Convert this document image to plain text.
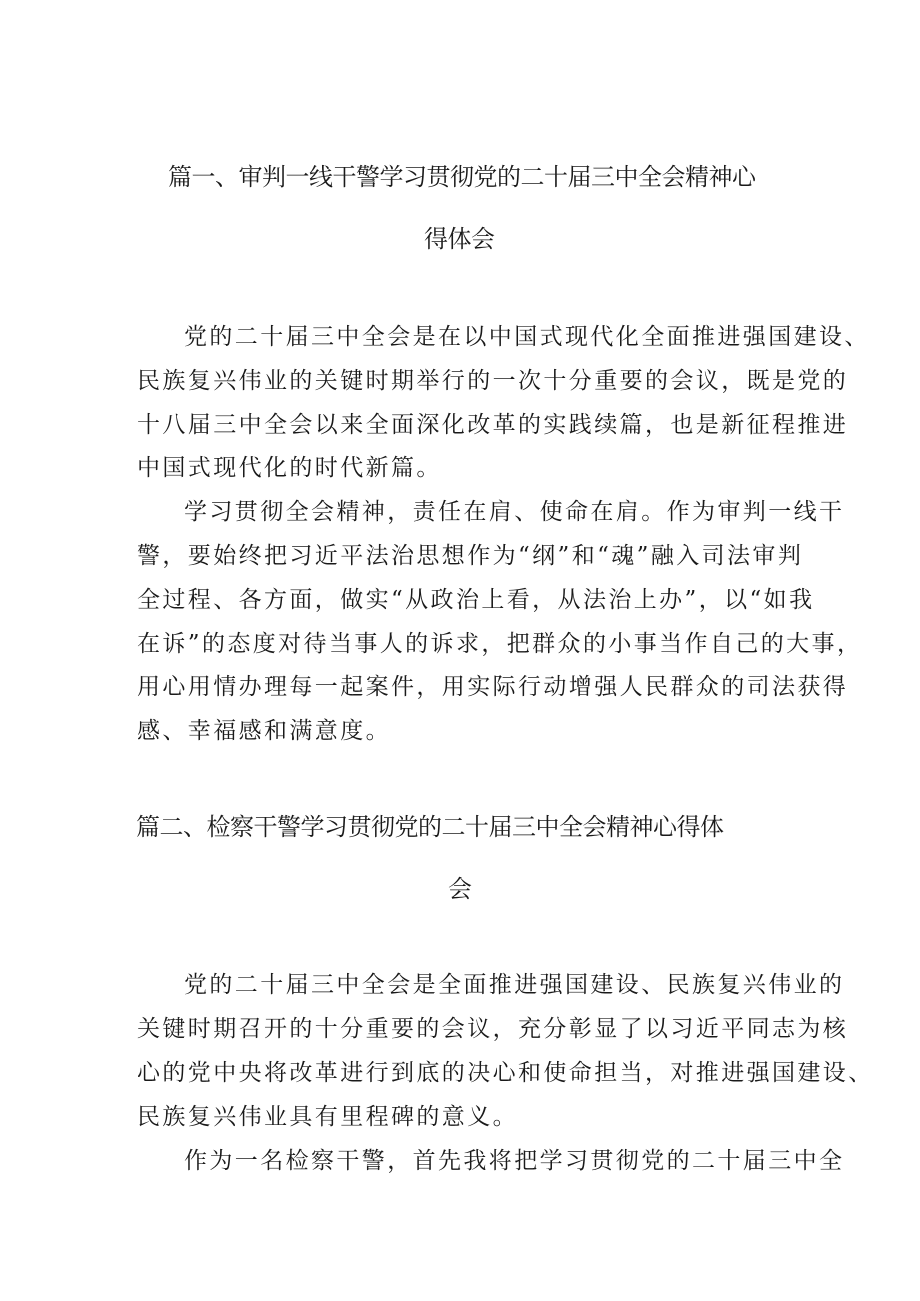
篇一、审判一线干警学习贯彻党的二十届三中全会精神心
得体会
党的二十届三中全会是在以中国式现代化全面推进强国建设、
民族复兴伟业的关键时期举行的一次十分重要的会议，既是党的
十八届三中全会以来全面深化改革的实践续篇，也是新征程推进
中国式现代化的时代新篇。
学习贯彻全会精神，责任在肩、使命在肩。作为审判一线干
警，要始终把习近平法治思想作为“纲”和“魂”融入司法审判
全过程、各方面，做实“从政治上看，从法治上办”，以“如我
在诉”的态度对待当事人的诉求，把群众的小事当作自己的大事，
用心用情办理每一起案件，用实际行动增强人民群众的司法获得
感、幸福感和满意度。
篇二、检察干警学习贯彻党的二十届三中全会精神心得体
会
党的二十届三中全会是全面推进强国建设、民族复兴伟业的
关键时期召开的十分重要的会议，充分彰显了以习近平同志为核
心的党中央将改革进行到底的决心和使命担当，对推进强国建设、
民族复兴伟业具有里程碑的意义。
作为一名检察干警，首先我将把学习贯彻党的二十届三中全
